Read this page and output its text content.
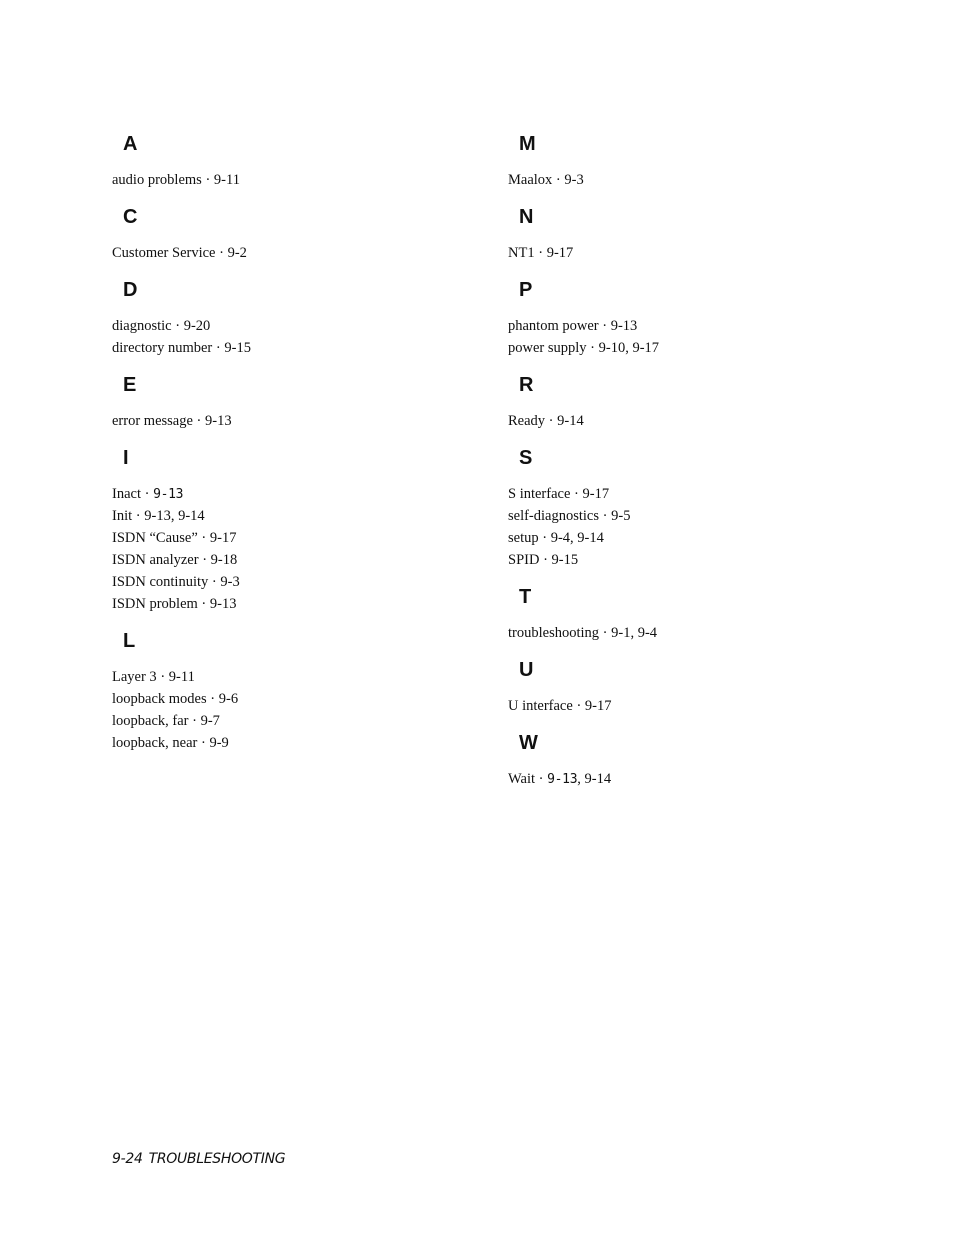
A
audio problems · 9-11
C
Customer Service · 9-2
D
diagnostic · 9-20
directory number · 9-15
E
error message · 9-13
I
Inact · 9-13
Init · 9-13, 9-14
ISDN “Cause” · 9-17
ISDN analyzer · 9-18
ISDN continuity · 9-3
ISDN problem · 9-13
L
Layer 3 · 9-11
loopback modes · 9-6
loopback, far · 9-7
loopback, near · 9-9
M
Maalox · 9-3
N
NT1 · 9-17
P
phantom power · 9-13
power supply · 9-10, 9-17
R
Ready · 9-14
S
S interface · 9-17
self-diagnostics · 9-5
setup · 9-4, 9-14
SPID · 9-15
T
troubleshooting · 9-1, 9-4
U
U interface · 9-17
W
Wait · 9-13, 9-14
9-24 TROUBLESHOOTING
